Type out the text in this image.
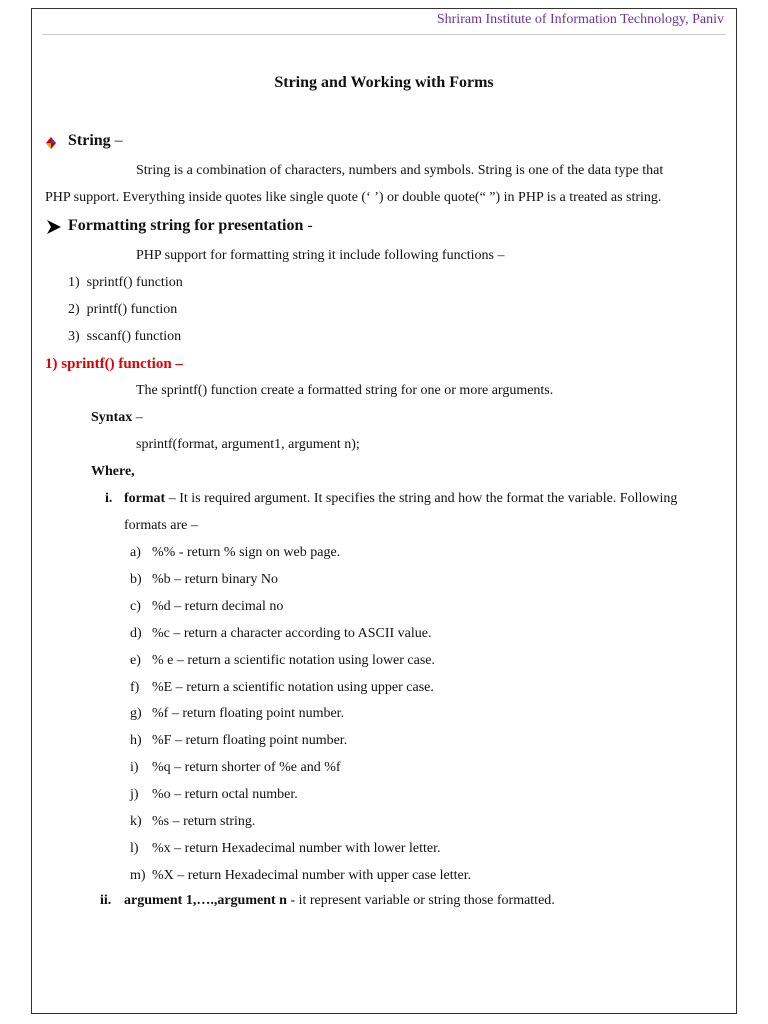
Shriram Institute of Information Technology, Paniv
String and Working with Forms
String –
String is a combination of characters, numbers and symbols. String is one of the data type that
PHP support. Everything inside quotes like single quote (‘ ’) or double quote(“ ”) in PHP is a treated as string.
Formatting string for presentation -
PHP support for formatting string it include following functions –
1) sprintf() function
2) printf() function
3) sscanf() function
1) sprintf() function –
The sprintf() function create a formatted string for one or more arguments.
Syntax –
sprintf(format, argument1, argument n);
Where,
i. format – It is required argument. It specifies the string and how the format the variable. Following
formats are –
a) %% - return % sign on web page.
b) %b – return binary No
c) %d – return decimal no
d) %c – return a character according to ASCII value.
e) % e – return a scientific notation using lower case.
f) %E – return a scientific notation using upper case.
g) %f – return floating point number.
h) %F – return floating point number.
i) %q – return shorter of %e and %f
j) %o – return octal number.
k) %s – return string.
l) %x – return Hexadecimal number with lower letter.
m) %X – return Hexadecimal number with upper case letter.
ii. argument 1,….,argument n - it represent variable or string those formatted.
